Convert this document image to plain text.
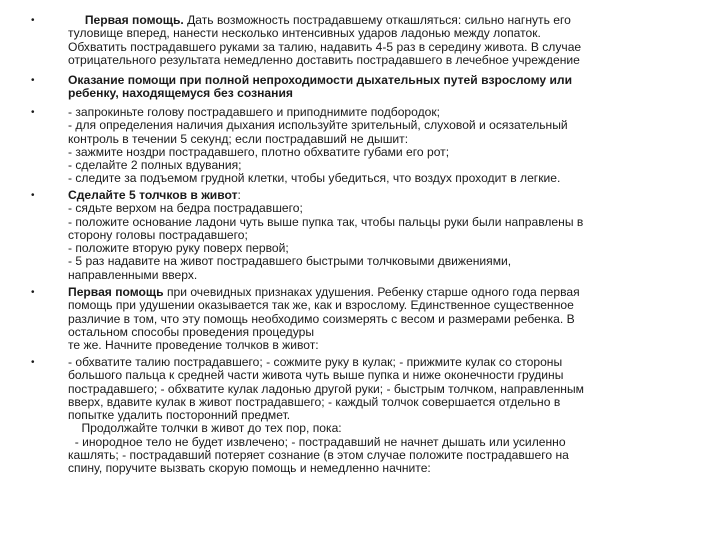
•	Первая помощь. Дать возможность пострадавшему откашляться: сильно нагнуть его
туловище вперед, нанести несколько интенсивных ударов ладонью между лопаток.
Обхватить пострадавшего руками за талию, надавить 4-5 раз в середину живота. В случае
отрицательного результата немедленно доставить пострадавшего в лечебное учреждение
•	Оказание помощи при полной непроходимости дыхательных путей взрослому или
ребенку, находящемуся без сознания
•	- запрокиньте голову пострадавшего и приподнимите подбородок;
- для определения наличия дыхания используйте зрительный, слуховой и осязательный
контроль в течении 5 секунд; если пострадавший не дышит:
- зажмите ноздри пострадавшего, плотно обхватите губами его рот;
- сделайте 2 полных вдувания;
- следите за подъемом грудной клетки, чтобы убедиться, что воздух проходит в легкие.
•	Сделайте 5 толчков в живот:
- сядьте верхом на бедра пострадавшего;
- положите основание ладони чуть выше пупка так, чтобы пальцы руки были направлены в
сторону головы пострадавшего;
- положите вторую руку поверх первой;
- 5 раз надавите на живот пострадавшего быстрыми толчковыми движениями,
направленными вверх.
•	Первая помощь при очевидных признаках удушения. Ребенку старше одного года первая
помощь при удушении оказывается так же, как и взрослому. Единственное существенное
различие в том, что эту помощь необходимо соизмерять с весом и размерами ребенка. В
остальном способы проведения процедуры
те же. Начните проведение толчков в живот:
•	- обхватите талию пострадавшего; - сожмите руку в кулак; - прижмите кулак со стороны
большого пальца к средней части живота чуть выше пупка и ниже оконечности грудины
пострадавшего; - обхватите кулак ладонью другой руки; - быстрым толчком, направленным
вверх, вдавите кулак в живот пострадавшего; - каждый толчок совершается отдельно в
попытке удалить посторонний предмет.
Продолжайте толчки в живот до тех пор, пока:
- инородное тело не будет извлечено; - пострадавший не начнет дышать или усиленно
кашлять; - пострадавший потеряет сознание (в этом случае положите пострадавшего на
спину, поручите вызвать скорую помощь и немедленно начните:
